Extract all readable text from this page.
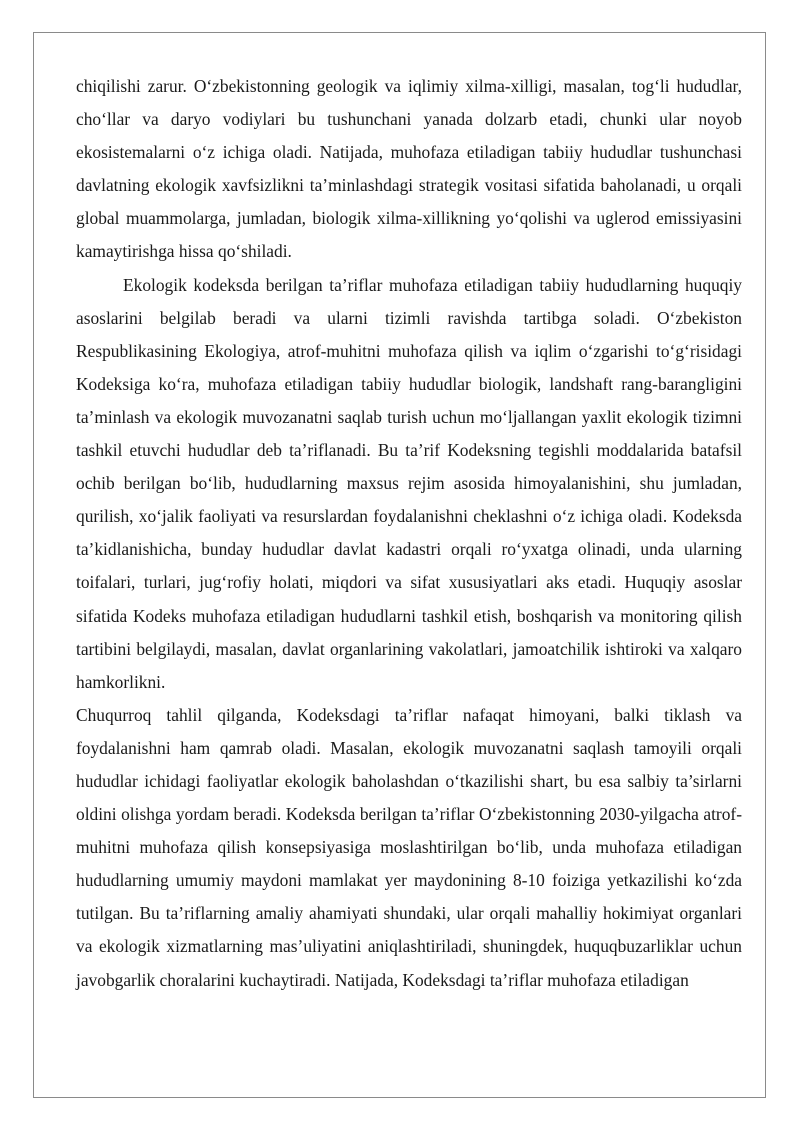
chiqilishi zarur. O‘zbekistonning geologik va iqlimiy xilma-xilligi, masalan, tog‘li hududlar, cho‘llar va daryo vodiylari bu tushunchani yanada dolzarb etadi, chunki ular noyob ekosistemalarni o‘z ichiga oladi. Natijada, muhofaza etiladigan tabiiy hududlar tushunchasi davlatning ekologik xavfsizlikni ta’minlashdagi strategik vositasi sifatida baholanadi, u orqali global muammolarga, jumladan, biologik xilma-xillikning yo‘qolishi va uglerod emissiyasini kamaytirishga hissa qo‘shiladi.

Ekologik kodeksda berilgan ta’riflar muhofaza etiladigan tabiiy hududlarning huquqiy asoslarini belgilab beradi va ularni tizimli ravishda tartibga soladi. O‘zbekiston Respublikasining Ekologiya, atrof-muhitni muhofaza qilish va iqlim o‘zgarishi to‘g‘risidagi Kodeksiga ko‘ra, muhofaza etiladigan tabiiy hududlar biologik, landshaft rang-barangligini ta’minlash va ekologik muvozanatni saqlab turish uchun mo‘ljallangan yaxlit ekologik tizimni tashkil etuvchi hududlar deb ta’riflanadi. Bu ta’rif Kodeksning tegishli moddalarida batafsil ochib berilgan bo‘lib, hududlarning maxsus rejim asosida himoyalanishini, shu jumladan, qurilish, xo‘jalik faoliyati va resurslardan foydalanishni cheklashni o‘z ichiga oladi. Kodeksda ta’kidlanishicha, bunday hududlar davlat kadastri orqali ro‘yxatga olinadi, unda ularning toifalari, turlari, jug‘rofiy holati, miqdori va sifat xususiyatlari aks etadi. Huquqiy asoslar sifatida Kodeks muhofaza etiladigan hududlarni tashkil etish, boshqarish va monitoring qilish tartibini belgilaydi, masalan, davlat organlarining vakolatlari, jamoatchilik ishtiroki va xalqaro hamkorlikni.

Chuqurroq tahlil qilganda, Kodeksdagi ta’riflar nafaqat himoyani, balki tiklash va foydalanishni ham qamrab oladi. Masalan, ekologik muvozanatni saqlash tamoyili orqali hududlar ichidagi faoliyatlar ekologik baholashdan o‘tkazilishi shart, bu esa salbiy ta’sirlarni oldini olishga yordam beradi. Kodeksda berilgan ta’riflar O‘zbekistonning 2030-yilgacha atrof-muhitni muhofaza qilish konsepsiyasiga moslashtirilgan bo‘lib, unda muhofaza etiladigan hududlarning umumiy maydoni mamlakat yer maydonining 8-10 foiziga yetkazilishi ko‘zda tutilgan. Bu ta’riflarning amaliy ahamiyati shundaki, ular orqali mahalliy hokimiyat organlari va ekologik xizmatlarning mas’uliyatini aniqlashtiriladi, shuningdek, huquqbuzarliklar uchun javobgarlik choralarini kuchaytiradi. Natijada, Kodeksdagi ta’riflar muhofaza etiladigan
